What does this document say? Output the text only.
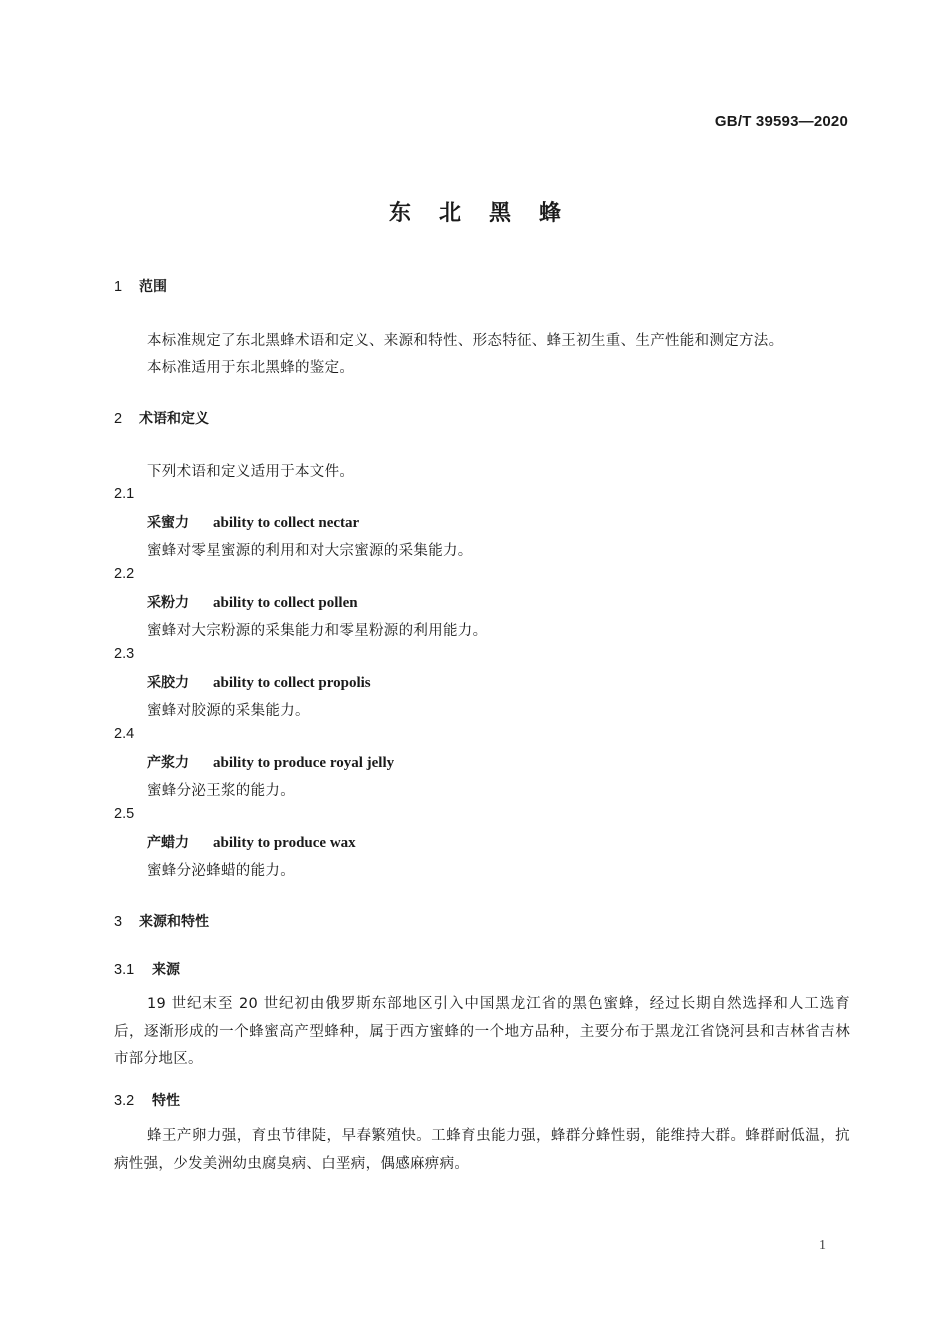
GB/T 39593—2020
东 北 黑 蜂
1 范围
本标准规定了东北黑蜂术语和定义、来源和特性、形态特征、蜂王初生重、生产性能和测定方法。
本标准适用于东北黑蜂的鉴定。
2 术语和定义
下列术语和定义适用于本文件。
2.1
采蜜力 ability to collect nectar
蜜蜂对零星蜜源的利用和对大宗蜜源的采集能力。
2.2
采粉力 ability to collect pollen
蜜蜂对大宗粉源的采集能力和零星粉源的利用能力。
2.3
采胶力 ability to collect propolis
蜜蜂对胶源的采集能力。
2.4
产浆力 ability to produce royal jelly
蜜蜂分泌王浆的能力。
2.5
产蜡力 ability to produce wax
蜜蜂分泌蜂蜡的能力。
3 来源和特性
3.1 来源
19 世纪末至 20 世纪初由俄罗斯东部地区引入中国黑龙江省的黑色蜜蜂，经过长期自然选择和人工选育后，逐渐形成的一个蜂蜜高产型蜂种，属于西方蜜蜂的一个地方品种，主要分布于黑龙江省饶河县和吉林省吉林市部分地区。
3.2 特性
蜂王产卵力强，育虫节律陡，早春繁殖快。工蜂育虫能力强，蜂群分蜂性弱，能维持大群。蜂群耐低温，抗病性强，少发美洲幼虫腐臭病、白垩病，偶感麻痹病。
1
